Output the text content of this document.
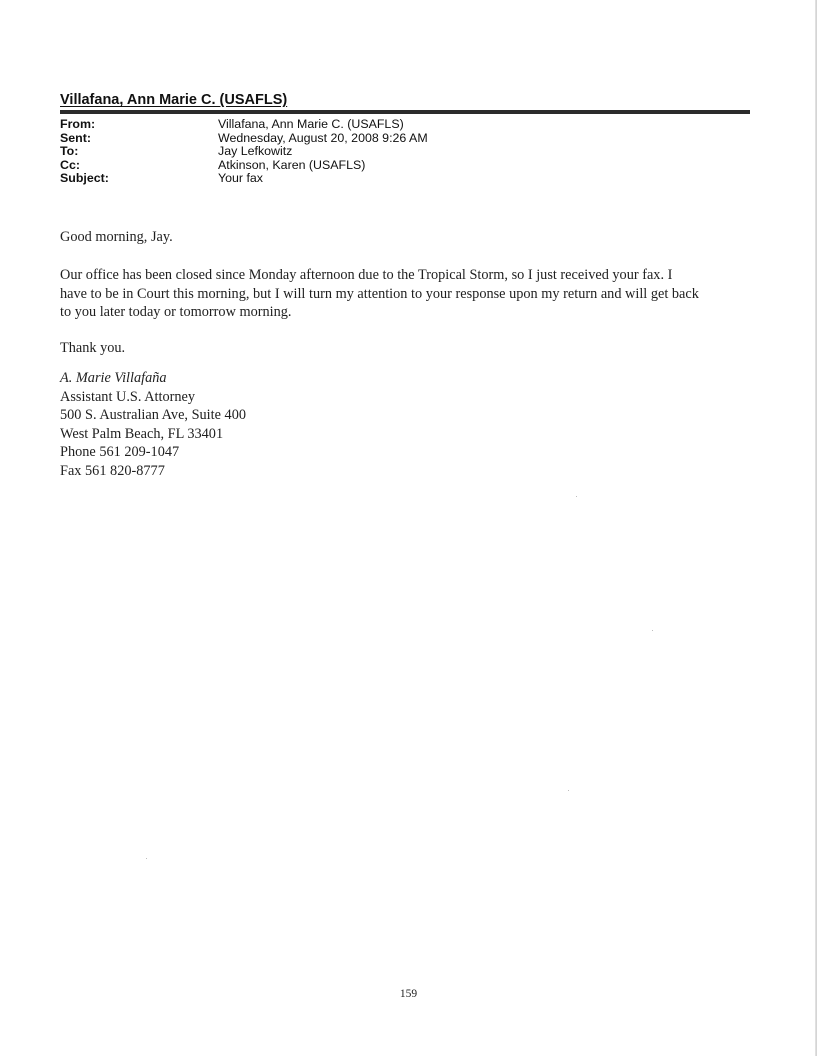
Villafana, Ann Marie C. (USAFLS)
From:	Villafana, Ann Marie C. (USAFLS)
Sent:	Wednesday, August 20, 2008 9:26 AM
To:	Jay Lefkowitz
Cc:	Atkinson, Karen (USAFLS)
Subject:	Your fax
Good morning, Jay.
Our office has been closed since Monday afternoon due to the Tropical Storm, so I just received your fax. I
have to be in Court this morning, but I will turn my attention to your response upon my return and will get back
to you later today or tomorrow morning.
Thank you.
A. Marie Villafaña
Assistant U.S. Attorney
500 S. Australian Ave, Suite 400
West Palm Beach, FL 33401
Phone 561 209-1047
Fax 561 820-8777
159
